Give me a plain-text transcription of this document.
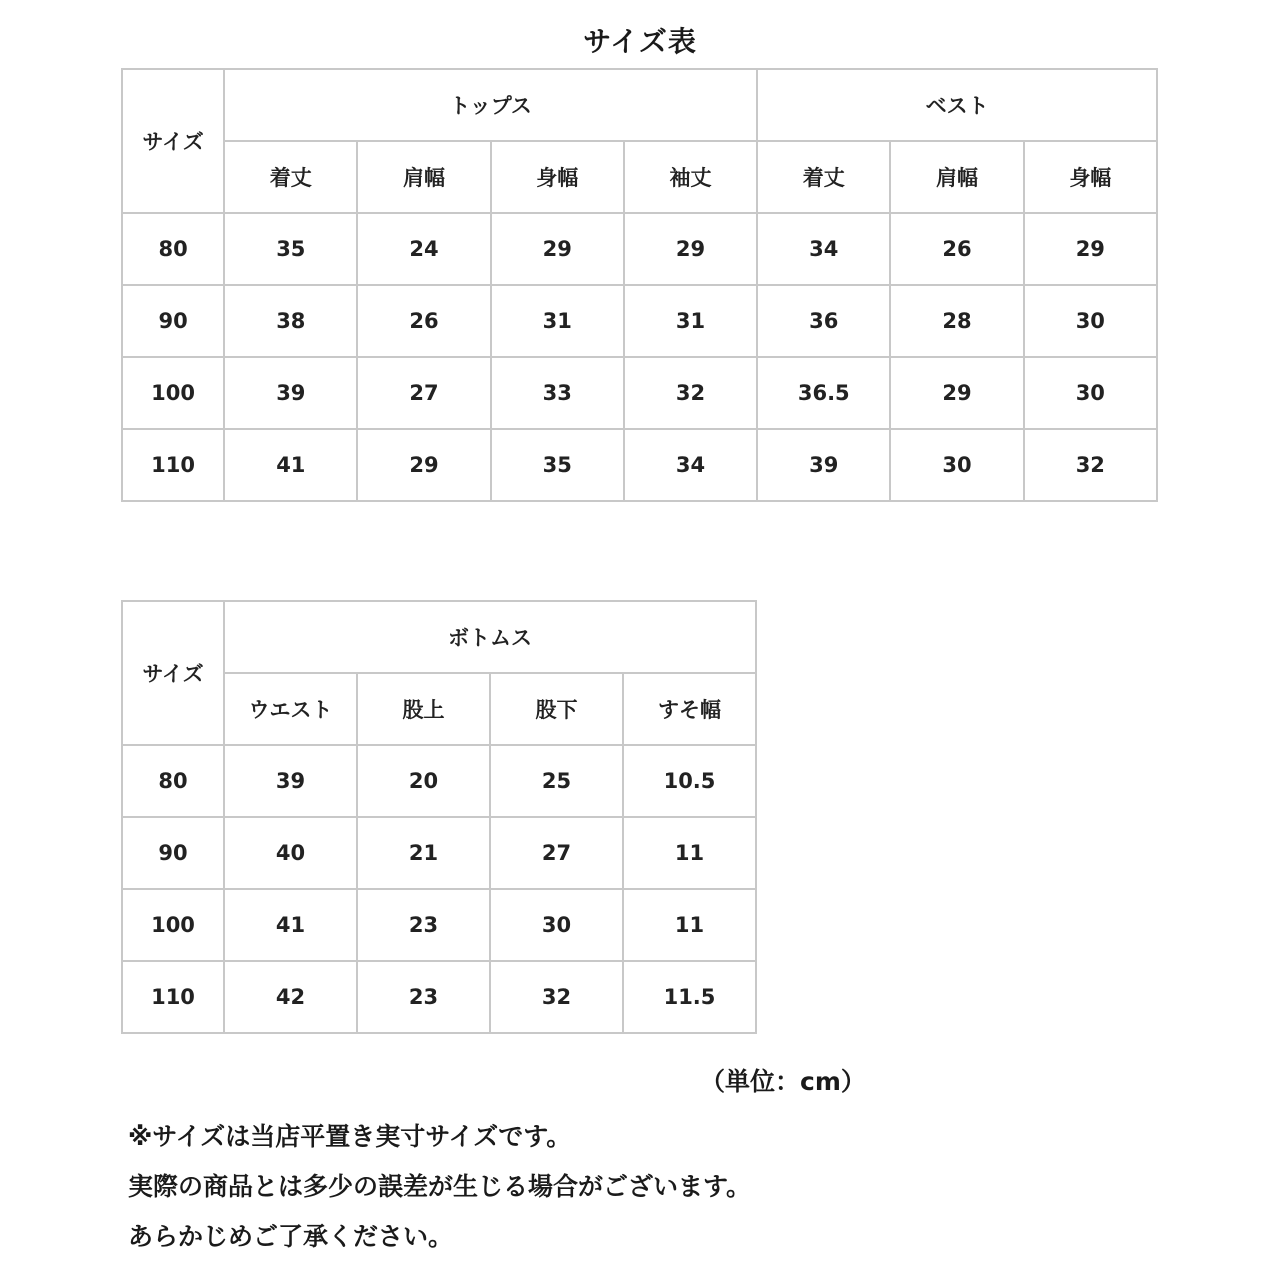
サイズ表
サイズ	トップス				ベスト		
	着丈	肩幅	身幅	袖丈	着丈	肩幅	身幅
80	35	24	29	29	34	26	29
90	38	26	31	31	36	28	30
100	39	27	33	32	36.5	29	30
110	41	29	35	34	39	30	32
サイズ	ボトムス			
	ウエスト	股上	股下	すそ幅
80	39	20	25	10.5
90	40	21	27	11
100	41	23	30	11
110	42	23	32	11.5
（単位：cm）
※サイズは当店平置き実寸サイズです。
実際の商品とは多少の誤差が生じる場合がございます。
あらかじめご了承ください。
